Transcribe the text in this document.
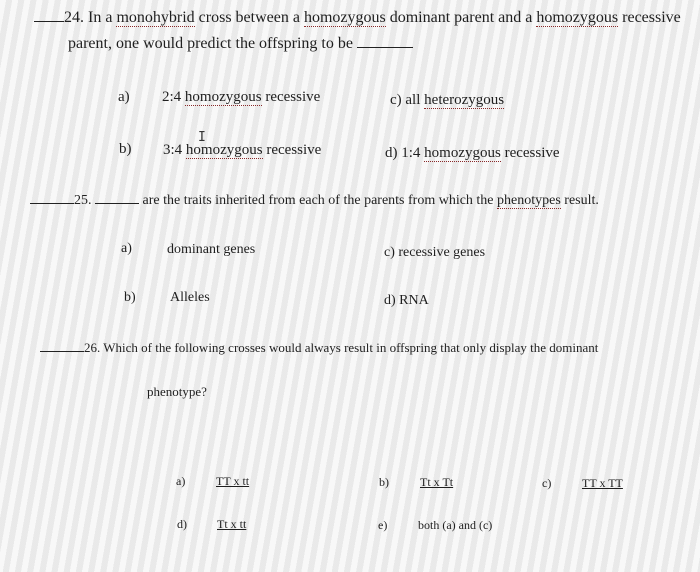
24. In a monohybrid cross between a homozygous dominant parent and a homozygous recessive
parent, one would predict the offspring to be
a) 2:4 homozygous recessive	c) all heterozygous
b) 3:4 homozygous recessive
I
d) 1:4 homozygous recessive
25.	are the traits inherited from each of the parents from which the phenotypes result.
a)	dominant genes	c) recessive genes
b) Alleles	d) RNA
26. Which of the following crosses would always result in offspring that only display the dominant
phenotype?
a)	TT x tt	b)	Tt x Tt	c)	TT x TT
d)	Tt x tt	e)	both (a) and (c)
